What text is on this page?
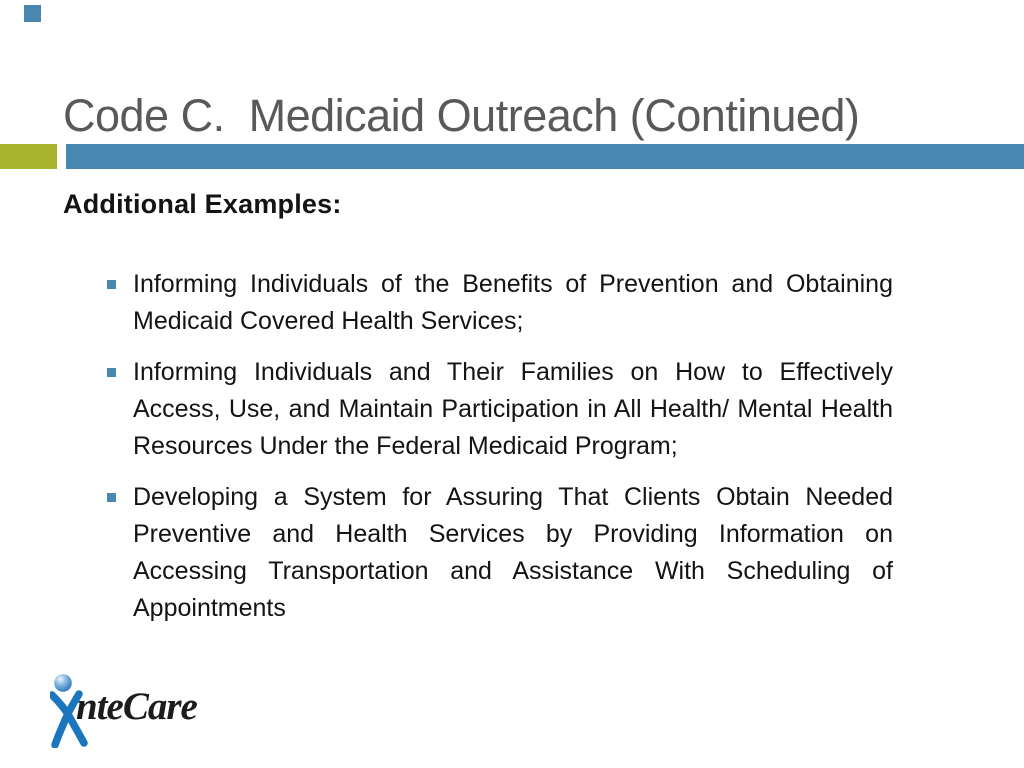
Code C.  Medicaid Outreach (Continued)
Additional Examples:
Informing Individuals of the Benefits of Prevention and Obtaining Medicaid Covered Health Services;
Informing Individuals and Their Families on How to Effectively Access, Use, and Maintain Participation in All Health/ Mental Health Resources Under the Federal Medicaid Program;
Developing a System for Assuring That Clients Obtain Needed Preventive and Health Services by Providing Information on Accessing Transportation and Assistance With Scheduling of Appointments
nteCare
